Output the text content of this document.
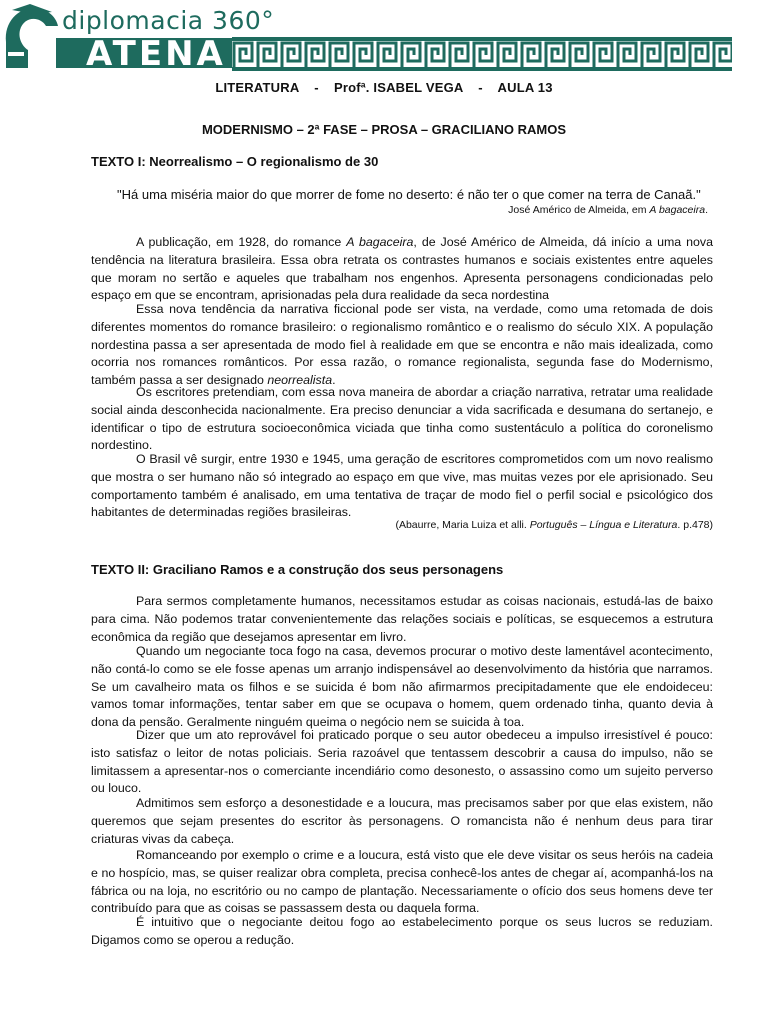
diplomacia 360°
ATENA
LITERATURA    -    Profª. ISABEL VEGA    -    AULA 13
MODERNISMO – 2ª FASE – PROSA – GRACILIANO RAMOS
TEXTO I: Neorrealismo – O regionalismo de 30
"Há uma miséria maior do que morrer de fome no deserto: é não ter o que comer na terra de Canaã."
José Américo de Almeida, em A bagaceira.

A publicação, em 1928, do romance A bagaceira, de José Américo de Almeida, dá início a uma nova tendência na literatura brasileira. Essa obra retrata os contrastes humanos e sociais existentes entre aqueles que moram no sertão e aqueles que trabalham nos engenhos. Apresenta personagens condicionadas pelo espaço em que se encontram, aprisionadas pela dura realidade da seca nordestina

Essa nova tendência da narrativa ficcional pode ser vista, na verdade, como uma retomada de dois diferentes momentos do romance brasileiro: o regionalismo romântico e o realismo do século XIX. A população nordestina passa a ser apresentada de modo fiel à realidade em que se encontra e não mais idealizada, como ocorria nos romances românticos. Por essa razão, o romance regionalista, segunda fase do Modernismo, também passa a ser designado neorrealista.

Os escritores pretendiam, com essa nova maneira de abordar a criação narrativa, retratar uma realidade social ainda desconhecida nacionalmente. Era preciso denunciar a vida sacrificada e desumana do sertanejo, e identificar o tipo de estrutura socioeconômica viciada que tinha como sustentáculo a política do coronelismo nordestino.

O Brasil vê surgir, entre 1930 e 1945, uma geração de escritores comprometidos com um novo realismo que mostra o ser humano não só integrado ao espaço em que vive, mas muitas vezes por ele aprisionado. Seu comportamento também é analisado, em uma tentativa de traçar de modo fiel o perfil social e psicológico dos habitantes de determinadas regiões brasileiras.

(Abaurre, Maria Luiza et alli. Português – Língua e Literatura. p.478)
TEXTO II: Graciliano Ramos e a construção dos seus personagens

Para sermos completamente humanos, necessitamos estudar as coisas nacionais, estudá-las de baixo para cima. Não podemos tratar convenientemente das relações sociais e políticas, se esquecemos a estrutura econômica da região que desejamos apresentar em livro.

Quando um negociante toca fogo na casa, devemos procurar o motivo deste lamentável acontecimento, não contá-lo como se ele fosse apenas um arranjo indispensável ao desenvolvimento da história que narramos. Se um cavalheiro mata os filhos e se suicida é bom não afirmarmos precipitadamente que ele endoideceu: vamos tomar informações, tentar saber em que se ocupava o homem, quem ordenado tinha, quanto devia à dona da pensão. Geralmente ninguém queima o negócio nem se suicida à toa.

Dizer que um ato reprovável foi praticado porque o seu autor obedeceu a impulso irresistível é pouco: isto satisfaz o leitor de notas policiais. Seria razoável que tentassem descobrir a causa do impulso, não se limitassem a apresentar-nos o comerciante incendiário como desonesto, o assassino como um sujeito perverso ou louco.

Admitimos sem esforço a desonestidade e a loucura, mas precisamos saber por que elas existem, não queremos que sejam presentes do escritor às personagens. O romancista não é nenhum deus para tirar criaturas vivas da cabeça.

Romanceando por exemplo o crime e a loucura, está visto que ele deve visitar os seus heróis na cadeia e no hospício, mas, se quiser realizar obra completa, precisa conhecê-los antes de chegar aí, acompanhá-los na fábrica ou na loja, no escritório ou no campo de plantação. Necessariamente o ofício dos seus homens deve ter contribuído para que as coisas se passassem desta ou daquela forma.

É intuitivo que o negociante deitou fogo ao estabelecimento porque os seus lucros se reduziam. Digamos como se operou a redução.
